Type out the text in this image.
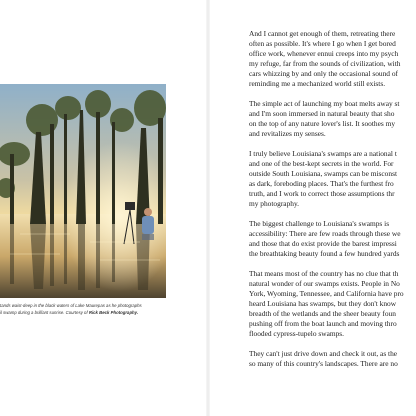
tands waist-deep in the black waters of Lake Maurepas as he photographs
il swamp during a brilliant sunrise. Courtesy of Rick Beck Photography.

And I cannot get enough of them, retreating there
often as possible. It's where I go when I get bored
office work, whenever ennui creeps into my psych
my refuge, far from the sounds of civilization, with
cars whizzing by and only the occasional sound of
reminding me a mechanized world still exists.

The simple act of launching my boat melts away st
and I'm soon immersed in natural beauty that sho
on the top of any nature lover's list. It soothes my
and revitalizes my senses.

I truly believe Louisiana's swamps are a national t
and one of the best-kept secrets in the world. For
outside South Louisiana, swamps can be misconst
as dark, foreboding places. That's the furthest fro
truth, and I work to correct those assumptions thr
my photography.

The biggest challenge to Louisiana's swamps is
accessibility: There are few roads through these we
and those that do exist provide the barest impressi
the breathtaking beauty found a few hundred yards

That means most of the country has no clue that th
natural wonder of our swamps exists. People in No
York, Wyoming, Tennessee, and California have pro
heard Louisiana has swamps, but they don't know
breadth of the wetlands and the sheer beauty foun
pushing off from the boat launch and moving thro
flooded cypress-tupelo swamps.

They can't just drive down and check it out, as the
so many of this country's landscapes. There are no
